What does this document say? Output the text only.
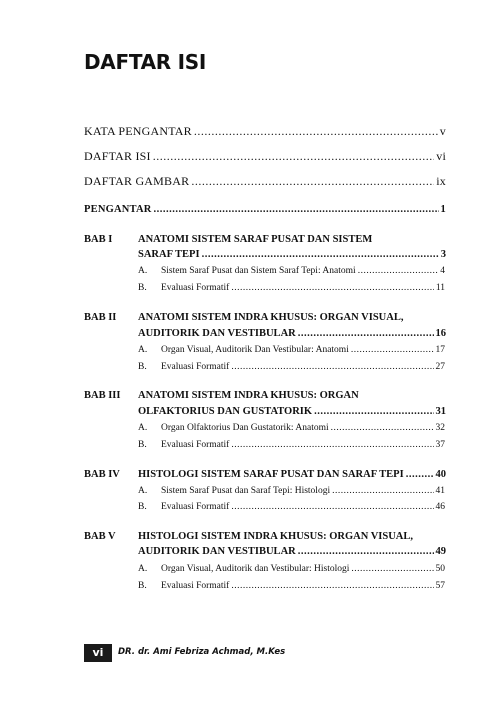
DAFTAR ISI
KATA PENGANTAR .....	v
DAFTAR ISI .....	vi
DAFTAR GAMBAR .....	ix
PENGANTAR .....	1
BAB I ANATOMI SISTEM SARAF PUSAT DAN SISTEM
SARAF TEPI .....	3
A.	Sistem Saraf Pusat dan Sistem Saraf Tepi: Anatomi .....	4
B.	Evaluasi Formatif .....	11
BAB II ANATOMI SISTEM INDRA KHUSUS: ORGAN VISUAL,
AUDITORIK DAN VESTIBULAR .....	16
A.	Organ Visual, Auditorik Dan Vestibular: Anatomi .....	17
B.	Evaluasi Formatif .....	27
BAB III ANATOMI SISTEM INDRA KHUSUS: ORGAN
OLFAKTORIUS DAN GUSTATORIK .....	31
A.	Organ Olfaktorius Dan Gustatorik: Anatomi .....	32
B.	Evaluasi Formatif .....	37
BAB IV HISTOLOGI SISTEM SARAF PUSAT DAN SARAF TEPI .....	40
A.	Sistem Saraf Pusat dan Saraf Tepi: Histologi .....	41
B.	Evaluasi Formatif .....	46
BAB V HISTOLOGI SISTEM INDRA KHUSUS: ORGAN VISUAL,
AUDITORIK DAN VESTIBULAR .....	49
A.	Organ Visual, Auditorik dan Vestibular: Histologi .....	50
B.	Evaluasi Formatif .....	57
vi	DR. dr. Ami Febriza Achmad, M.Kes
